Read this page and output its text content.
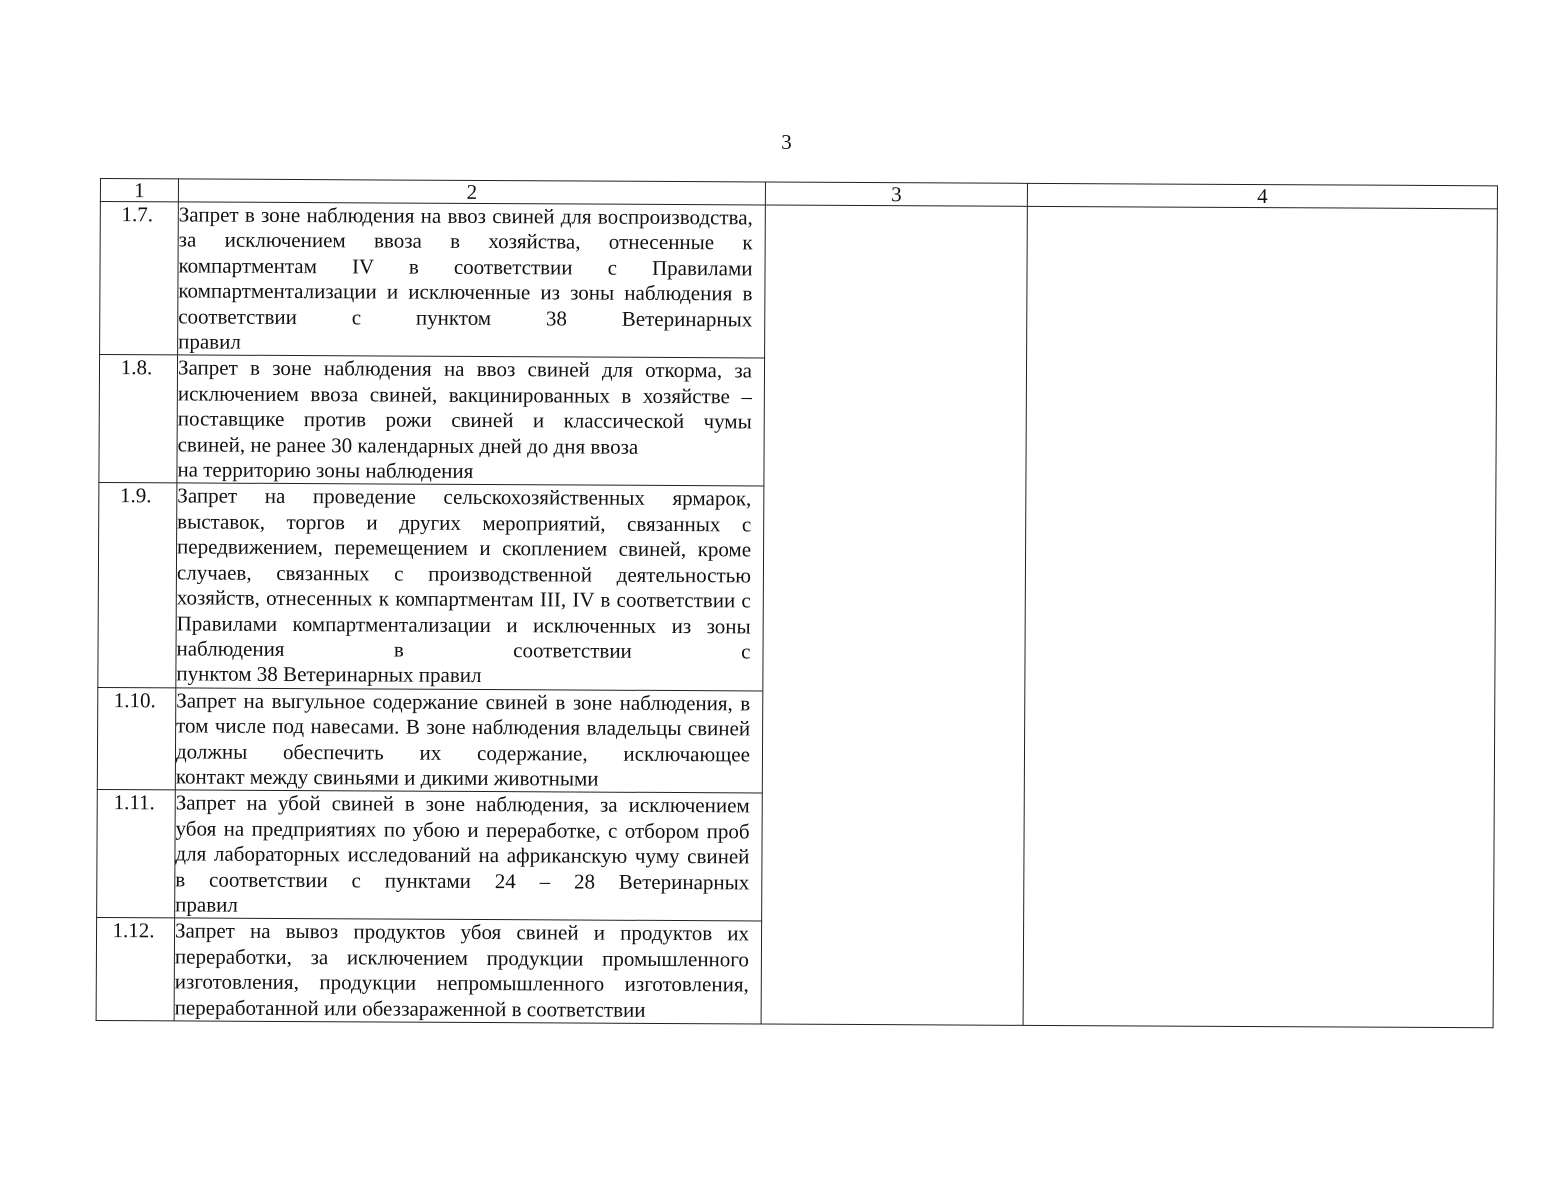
3
1	2	3	4
1.7.	Запрет в зоне наблюдения на ввоз свиней для воспроизводства, за исключением ввоза в хозяйства, отнесенные к компартментам IV в соответствии с Правилами компартментализации и исключенные из зоны наблюдения в соответствии с пунктом 38 Ветеринарных
правил		

1.8.	Запрет в зоне наблюдения на ввоз свиней для откорма, за исключением ввоза свиней, вакцинированных в хозяйстве – поставщике против рожи свиней и классической чумы
свиней, не ранее 30 календарных дней до дня ввоза
на территорию зоны наблюдения		

1.9.	Запрет на проведение сельскохозяйственных ярмарок, выставок, торгов и других мероприятий, связанных с передвижением, перемещением и скоплением свиней, кроме случаев, связанных с производственной деятельностью хозяйств, отнесенных к компартментам III, IV в соответствии с Правилами компартментализации и исключенных из зоны наблюдения в соответствии с
пунктом 38 Ветеринарных правил		

1.10.	Запрет на выгульное содержание свиней в зоне наблюдения, в том числе под навесами. В зоне наблюдения владельцы свиней должны обеспечить их содержание, исключающее
контакт между свиньями и дикими животными		

1.11.	Запрет на убой свиней в зоне наблюдения, за исключением убоя на предприятиях по убою и переработке, с отбором проб для лабораторных исследований на африканскую чуму свиней в соответствии с пунктами 24 – 28 Ветеринарных
правил		

1.12.	Запрет на вывоз продуктов убоя свиней и продуктов их переработки, за исключением продукции промышленного изготовления, продукции непромышленного изготовления,
переработанной или обеззараженной в соответствии		
